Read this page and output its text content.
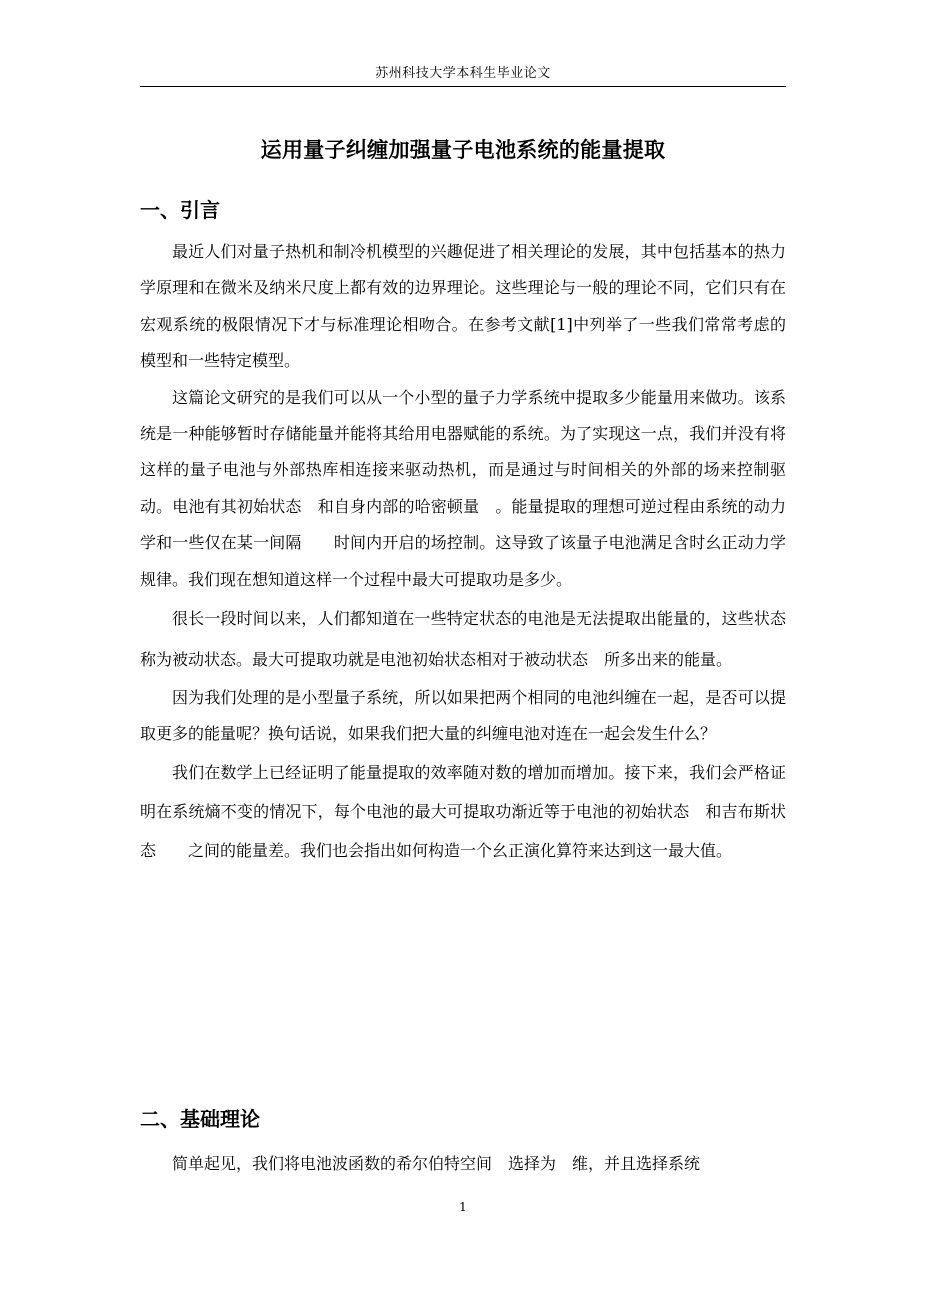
苏州科技大学本科生毕业论文
运用量子纠缠加强量子电池系统的能量提取
一、引言

最近人们对量子热机和制冷机模型的兴趣促进了相关理论的发展，其中包括基本的热力学原理和在微米及纳米尺度上都有效的边界理论。这些理论与一般的理论不同，它们只有在宏观系统的极限情况下才与标准理论相吻合。在参考文献[1]中列举了一些我们常常考虑的模型和一些特定模型。

这篇论文研究的是我们可以从一个小型的量子力学系统中提取多少能量用来做功。该系统是一种能够暂时存储能量并能将其给用电器赋能的系统。为了实现这一点，我们并没有将这样的量子电池与外部热库相连接来驱动热机，而是通过与时间相关的外部的场来控制驱动。电池有其初始状态　和自身内部的哈密顿量　。能量提取的理想可逆过程由系统的动力学和一些仅在某一间隔　　时间内开启的场控制。这导致了该量子电池满足含时幺正动力学规律。我们现在想知道这样一个过程中最大可提取功是多少。

很长一段时间以来，人们都知道在一些特定状态的电池是无法提取出能量的，这些状态称为被动状态。最大可提取功就是电池初始状态相对于被动状态　所多出来的能量。

因为我们处理的是小型量子系统，所以如果把两个相同的电池纠缠在一起，是否可以提取更多的能量呢？换句话说，如果我们把大量的纠缠电池对连在一起会发生什么？

我们在数学上已经证明了能量提取的效率随对数的增加而增加。接下来，我们会严格证明在系统熵不变的情况下，每个电池的最大可提取功渐近等于电池的初始状态　和吉布斯状态　　之间的能量差。我们也会指出如何构造一个幺正演化算符来达到这一最大值。

二、基础理论

简单起见，我们将电池波函数的希尔伯特空间　选择为　维，并且选择系统

1
